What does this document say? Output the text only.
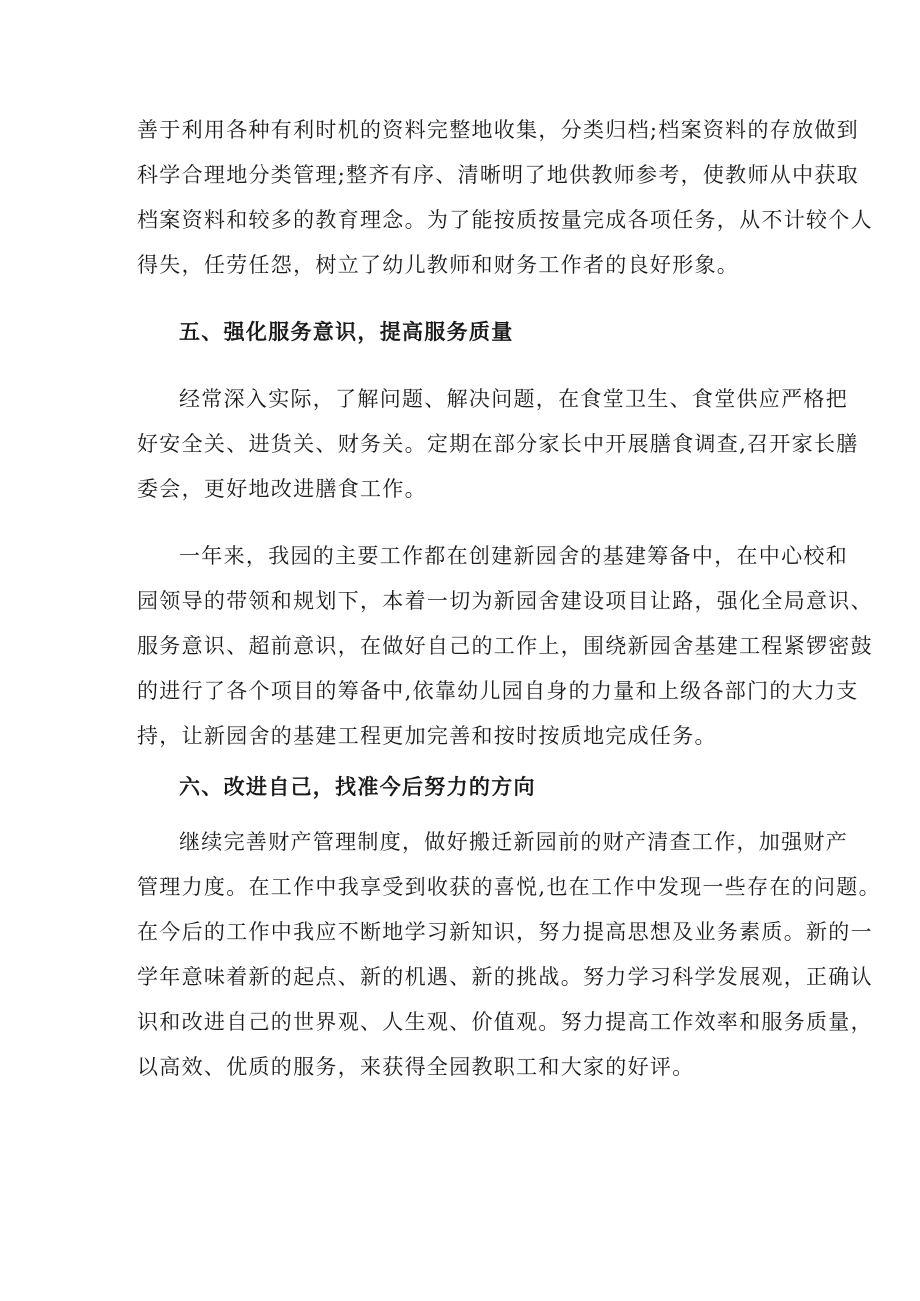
善于利用各种有利时机的资料完整地收集，分类归档;档案资料的存放做到

科学合理地分类管理;整齐有序、清晰明了地供教师参考，使教师从中获取

档案资料和较多的教育理念。为了能按质按量完成各项任务，从不计较个人

得失，任劳任怨，树立了幼儿教师和财务工作者的良好形象。

五、强化服务意识，提高服务质量

经常深入实际，了解问题、解决问题，在食堂卫生、食堂供应严格把

好安全关、进货关、财务关。定期在部分家长中开展膳食调查,召开家长膳

委会，更好地改进膳食工作。

一年来，我园的主要工作都在创建新园舍的基建筹备中，在中心校和

园领导的带领和规划下，本着一切为新园舍建设项目让路，强化全局意识、

服务意识、超前意识，在做好自己的工作上，围绕新园舍基建工程紧锣密鼓

的进行了各个项目的筹备中,依靠幼儿园自身的力量和上级各部门的大力支

持，让新园舍的基建工程更加完善和按时按质地完成任务。

六、改进自己，找准今后努力的方向

继续完善财产管理制度，做好搬迁新园前的财产清查工作，加强财产

管理力度。在工作中我享受到收获的喜悦,也在工作中发现一些存在的问题。

在今后的工作中我应不断地学习新知识，努力提高思想及业务素质。新的一

学年意味着新的起点、新的机遇、新的挑战。努力学习科学发展观，正确认

识和改进自己的世界观、人生观、价值观。努力提高工作效率和服务质量，

以高效、优质的服务，来获得全园教职工和大家的好评。
